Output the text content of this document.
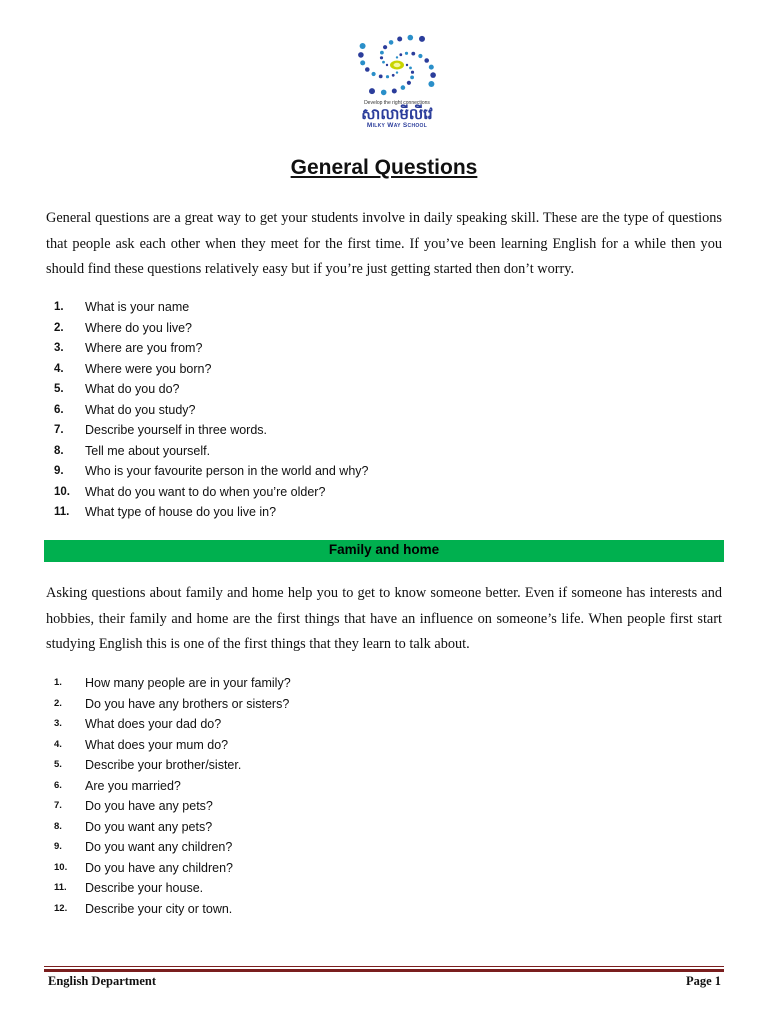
Develop the right connections
សាលាមីលីវេ
Milky Way School
General Questions

General questions are a great way to get your students involve in daily speaking skill. These are the type of questions that people ask each other when they meet for the first time. If you’ve been learning English for a while then you should find these questions relatively easy but if you’re just getting started then don’t worry.

1.	What is your name
2.	Where do you live?
3.	Where are you from?
4.	Where were you born?
5.	What do you do?
6.	What do you study?
7.	Describe yourself in three words.
8.	Tell me about yourself.
9.	Who is your favourite person in the world and why?
10.	What do you want to do when you’re older?
11.	What type of house do you live in?
Family and home

Asking questions about family and home help you to get to know someone better. Even if someone has interests and hobbies, their family and home are the first things that have an influence on someone’s life. When people first start studying English this is one of the first things that they learn to talk about.

1.	How many people are in your family?
2.	Do you have any brothers or sisters?
3.	What does your dad do?
4.	What does your mum do?
5.	Describe your brother/sister.
6.	Are you married?
7.	Do you have any pets?
8.	Do you want any pets?
9.	Do you want any children?
10.	Do you have any children?
11.	Describe your house.
12.	Describe your city or town.
English Department	Page 1
